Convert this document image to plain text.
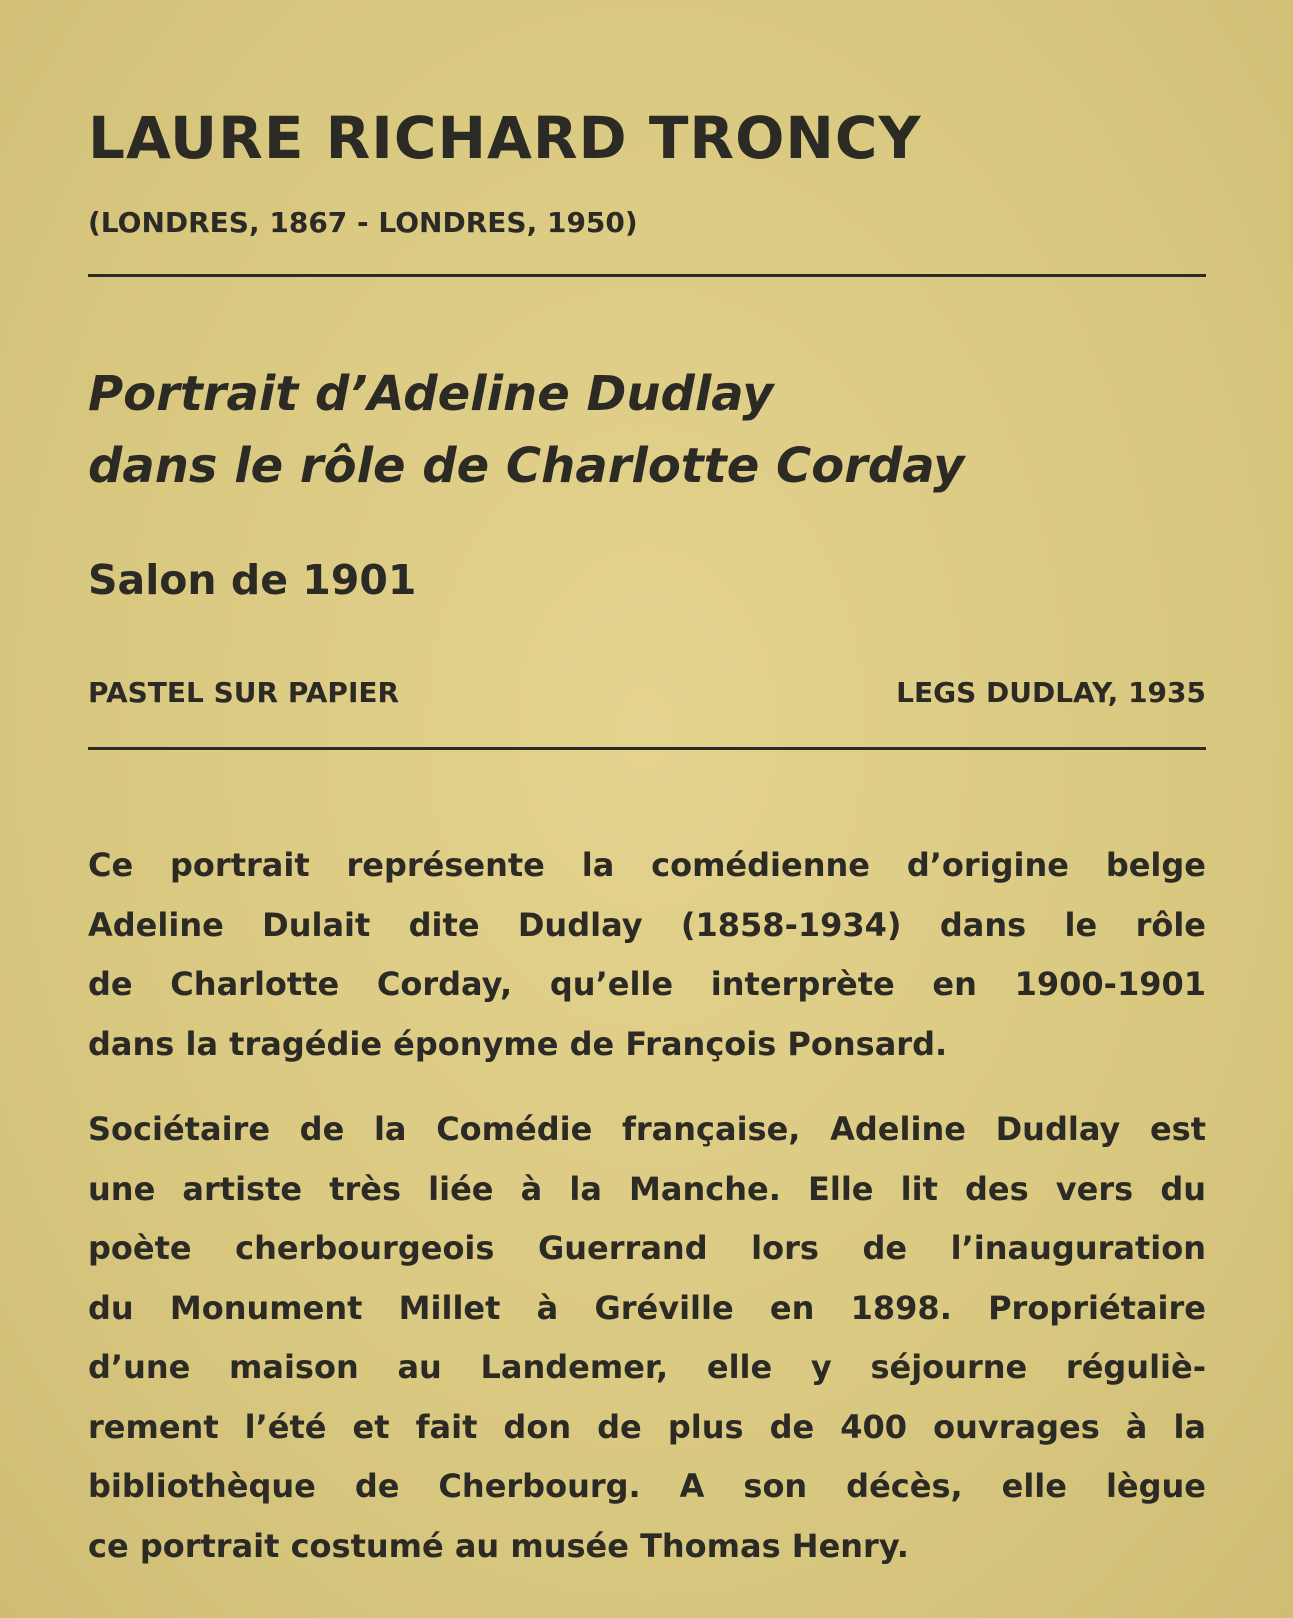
LAURE RICHARD TRONCY
(LONDRES, 1867 - LONDRES, 1950)
Portrait d’Adeline Dudlay
dans le rôle de Charlotte Corday
Salon de 1901
PASTEL SUR PAPIER	LEGS DUDLAY, 1935
Ce portrait représente la comédienne d’origine belge
Adeline Dulait dite Dudlay (1858-1934) dans le rôle
de Charlotte Corday, qu’elle interprète en 1900-1901
dans la tragédie éponyme de François Ponsard.
Sociétaire de la Comédie française, Adeline Dudlay est
une artiste très liée à la Manche. Elle lit des vers du
poète cherbourgeois Guerrand lors de l’inauguration
du Monument Millet à Gréville en 1898. Propriétaire
d’une maison au Landemer, elle y séjourne réguliè-
rement l’été et fait don de plus de 400 ouvrages à la
bibliothèque de Cherbourg. A son décès, elle lègue
ce portrait costumé au musée Thomas Henry.
